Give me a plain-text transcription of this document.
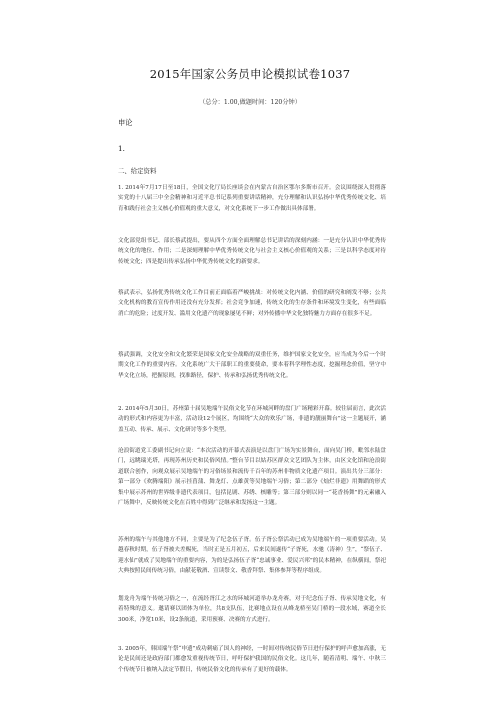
2015年国家公务员申论模拟试卷1037
（总分：1.00,做题时间：120分钟）
申论
1.
二、给定资料

1. 2014年7月17日至18日，全国文化厅局长座谈会在内蒙古自治区鄂尔多斯市召开。会议围绕深入贯彻落实党的十八届三中全会精神和习近平总书记系列重要讲话精神，充分理解和认识弘扬中华优秀传统文化、培育和践行社会主义核心价值观的重大意义，对文化系统下一步工作做出具体部署。

文化部党组书记、部长蔡武提出，要从四个方面全面理解总书记讲话的深刻内涵：一是充分认识中华优秀传统文化的地位、作用；二是深刻理解中华优秀传统文化与社会主义核心价值观的关系；三是以科学态度对待传统文化；四是提出传承弘扬中华优秀传统文化的新要求。

蔡武表示，弘扬优秀传统文化工作目前正面临着严峻挑战：对传统文化内涵、价值的研究和阐发不够；公共文化机构的教育宣传作用还没有充分发挥；社会竞争加速，传统文化的生存条件和环境发生变化，有些面临消亡的危险；过度开发、滥用文化遗产的现象屡见不鲜；对外传播中华文化独特魅力方面存在很多不足。

蔡武强调，文化安全和文化繁荣是国家文化安全战略的双重任务，维护国家文化安全，应当成为今后一个时期文化工作的重要内容。文化系统广大干部职工的重要使命，要本着科学理性态度，挖掘理念价值，坚守中华文化立场，把握原则，找准路径，保护、传承和弘扬优秀传统文化。

2. 2014年5月30日，苏州第十届吴地端午民俗文化节在环城河畔的盘门广场精彩开幕。较往届而言，此次活动的形式和内容更为丰富，活动设12个展区，均围绕“大众的欢乐广场，非遗的靓丽舞台”这一主题展开，涵盖互动、传承、展示、文化研讨等多个类型。

沧浪街道党工委副书记向立说：“本次活动的开幕式表演是以盘门广场为实景舞台，面向吴门桥，毗邻水陆盘门，远眺瑞光塔，再现苏州历史和民俗风情。”整台节目以姑苏区群众文艺团队为主体，由区文化馆和沧浪街道联合创作，向观众展示吴地端午的习俗场景和流传千百年的苏州非物质文化遗产项目。演出共分三部分：第一部分《欢腾端阳》展示挂菖蒲、舞龙灯、点雄黄等吴地端午习俗；第二部分《灿烂非遗》用舞蹈的形式集中展示苏州的世界级非遗代表项目，包括昆剧、苏绣、核雕等；第三部分则以同一“花香扬舞”的元素融入广场舞中，反映传统文化在百姓中得到广泛继承和发扬这一主题。

苏州的端午与其他地方不同，主要是为了纪念伍子胥。伍子胥公祭活动已成为吴地端午的一项重要活动。吴越春秋时期，伍子胥被夫差赐死，当时正是五月初五，后来民间遂传“子胥死，水驰（涛神）生”，“祭伍子、迎水仙”就成了吴地端午的重要内容，为的是弘扬伍子胥“忠诚事业、爱民兴邦”的民本精神，在纵横间，祭祀大典按照民间传统习俗，由献花敬酒、宣读祭文、敬香拜祭、集体参拜等程序组成。

划龙舟为端午传统习俗之一，在流经胥江之水的环城河道举办龙舟赛，对于纪念伍子胥、传承吴地文化，有着特殊的意义。邀请赛以团体为单位，共8支队伍，比赛地点设在从峰龙桥至吴门桥的一段水域，赛道全长300米，净宽10米，设2条航道，采用预赛、决赛的方式进行。

3. 2005年，韩国端午祭“申遗”成功刺痛了国人的神经，一时间对传统民俗节日进行保护的呼声愈加高涨，无论是民间还是政府部门都愈发重视传统节日，呼吁保护我国的民俗文化。这几年，随着清明、端午、中秋三个传统节日被纳入法定节假日，传统民俗文化的传承有了更好的载体。
